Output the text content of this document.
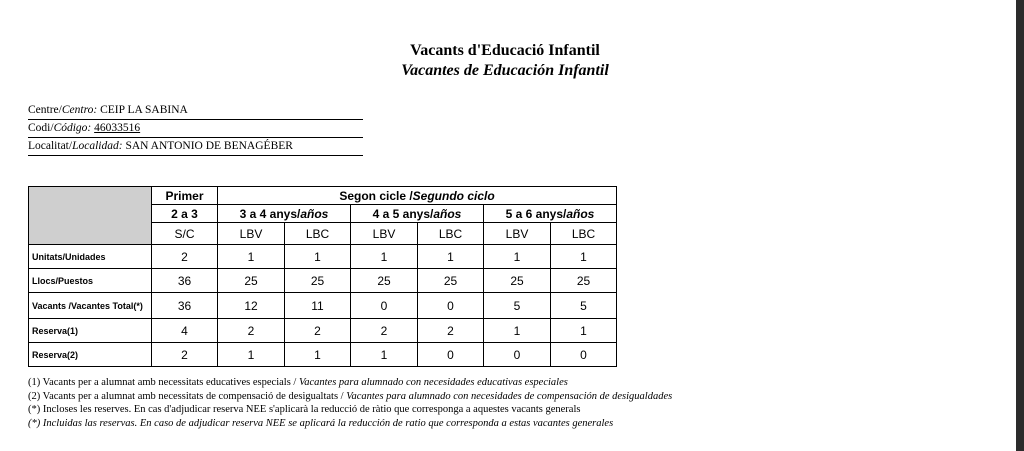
Vacants d'Educació Infantil
Vacantes de Educación Infantil
Centre/Centro: CEIP LA SABINA
Codi/Código: 46033516
Localitat/Localidad: SAN ANTONIO DE BENAGÉBER
	Primer	Segon cicle /Segundo ciclo					
	2 a 3	3 a 4 anys/años		4 a 5 anys/años		5 a 6 anys/años	
	S/C	LBV	LBC	LBV	LBC	LBV	LBC
Unitats/Unidades	2	1	1	1	1	1	1
Llocs/Puestos	36	25	25	25	25	25	25
Vacants /Vacantes Total(*)	36	12	11	0	0	5	5
Reserva(1)	4	2	2	2	2	1	1
Reserva(2)	2	1	1	1	0	0	0
(1) Vacants per a alumnat amb necessitats educatives especials / Vacantes para alumnado con necesidades educativas especiales
(2) Vacants per a alumnat amb necessitats de compensació de desigualtats / Vacantes para alumnado con necesidades de compensación de desigualdades
(*) Incloses les reserves. En cas d'adjudicar reserva NEE s'aplicarà la reducció de ràtio que corresponga a aquestes vacants generals
(*) Incluidas las reservas. En caso de adjudicar reserva NEE se aplicará la reducción de ratio que corresponda a estas vacantes generales
